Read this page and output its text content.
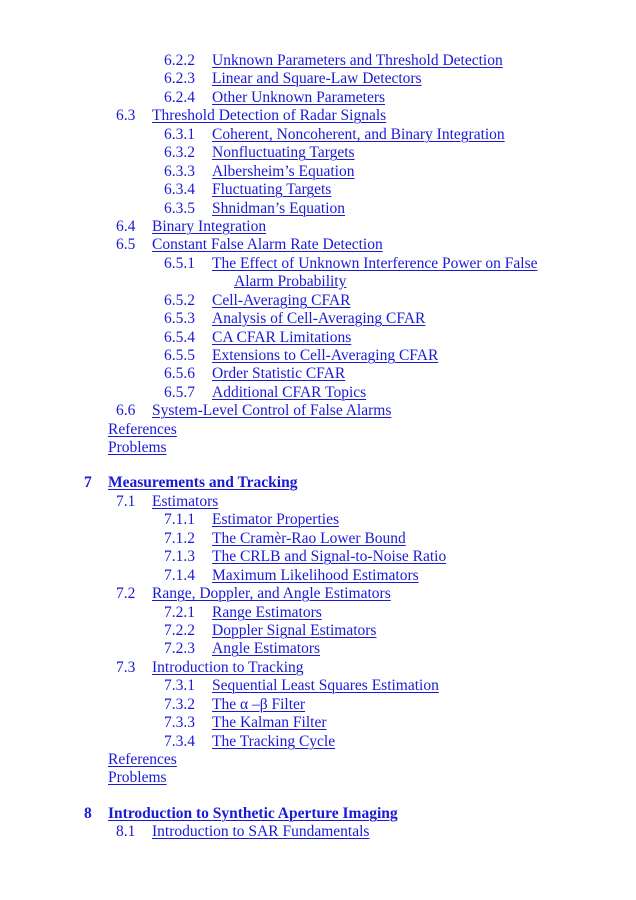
6.2.2 Unknown Parameters and Threshold Detection
6.2.3 Linear and Square-Law Detectors
6.2.4 Other Unknown Parameters
6.3 Threshold Detection of Radar Signals
6.3.1 Coherent, Noncoherent, and Binary Integration
6.3.2 Nonfluctuating Targets
6.3.3 Albersheim’s Equation
6.3.4 Fluctuating Targets
6.3.5 Shnidman’s Equation
6.4 Binary Integration
6.5 Constant False Alarm Rate Detection
6.5.1 The Effect of Unknown Interference Power on False
Alarm Probability
6.5.2 Cell-Averaging CFAR
6.5.3 Analysis of Cell-Averaging CFAR
6.5.4 CA CFAR Limitations
6.5.5 Extensions to Cell-Averaging CFAR
6.5.6 Order Statistic CFAR
6.5.7 Additional CFAR Topics
6.6 System-Level Control of False Alarms
References
Problems
7 Measurements and Tracking
7.1 Estimators
7.1.1 Estimator Properties
7.1.2 The Cramèr-Rao Lower Bound
7.1.3 The CRLB and Signal-to-Noise Ratio
7.1.4 Maximum Likelihood Estimators
7.2 Range, Doppler, and Angle Estimators
7.2.1 Range Estimators
7.2.2 Doppler Signal Estimators
7.2.3 Angle Estimators
7.3 Introduction to Tracking
7.3.1 Sequential Least Squares Estimation
7.3.2 The α –β Filter
7.3.3 The Kalman Filter
7.3.4 The Tracking Cycle
References
Problems
8 Introduction to Synthetic Aperture Imaging
8.1 Introduction to SAR Fundamentals
